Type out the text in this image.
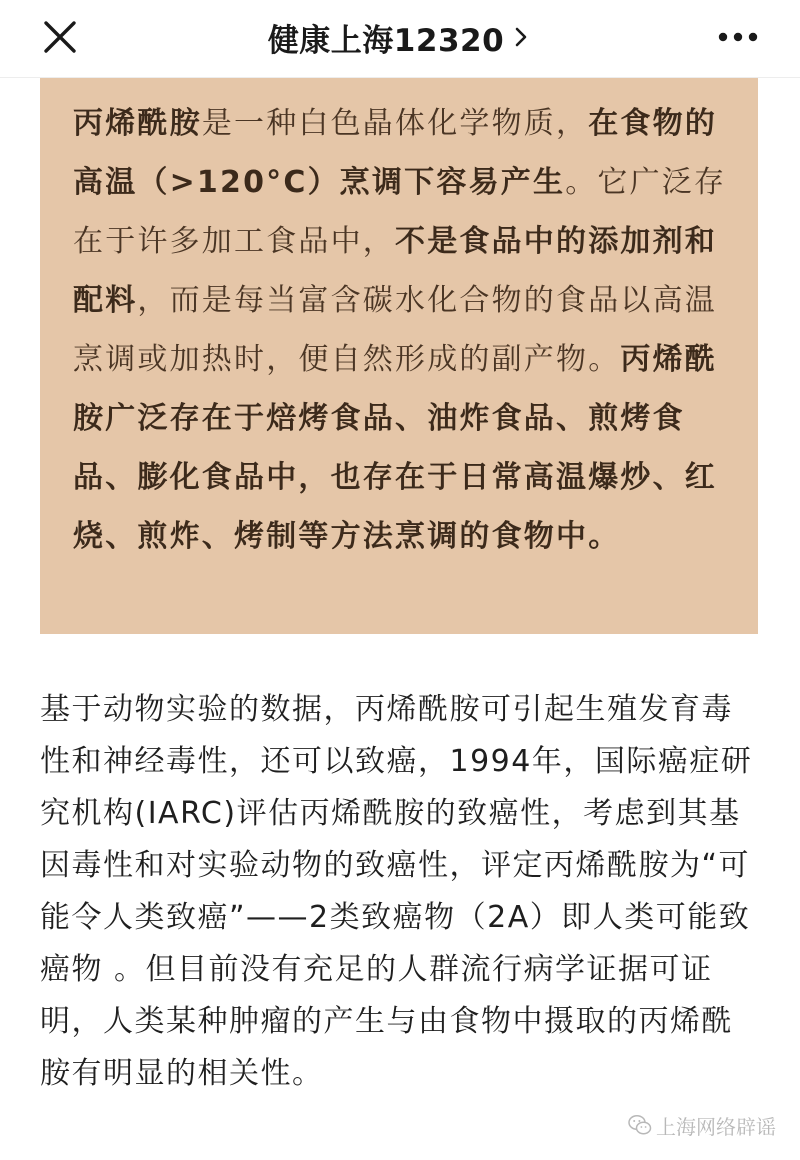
健康上海12320

丙烯酰胺是一种白色晶体化学物质，在食物的高温（>120°C）烹调下容易产生。它广泛存在于许多加工食品中，不是食品中的添加剂和配料，而是每当富含碳水化合物的食品以高温烹调或加热时，便自然形成的副产物。丙烯酰胺广泛存在于焙烤食品、油炸食品、煎烤食品、膨化食品中，也存在于日常高温爆炒、红烧、煎炸、烤制等方法烹调的食物中。

基于动物实验的数据，丙烯酰胺可引起生殖发育毒性和神经毒性，还可以致癌，1994年，国际癌症研究机构(IARC)评估丙烯酰胺的致癌性，考虑到其基因毒性和对实验动物的致癌性，评定丙烯酰胺为“可能令人类致癌”——2类致癌物（2A）即人类可能致癌物 。但目前没有充足的人群流行病学证据可证明，人类某种肿瘤的产生与由食物中摄取的丙烯酰胺有明显的相关性。

上海网络辟谣
